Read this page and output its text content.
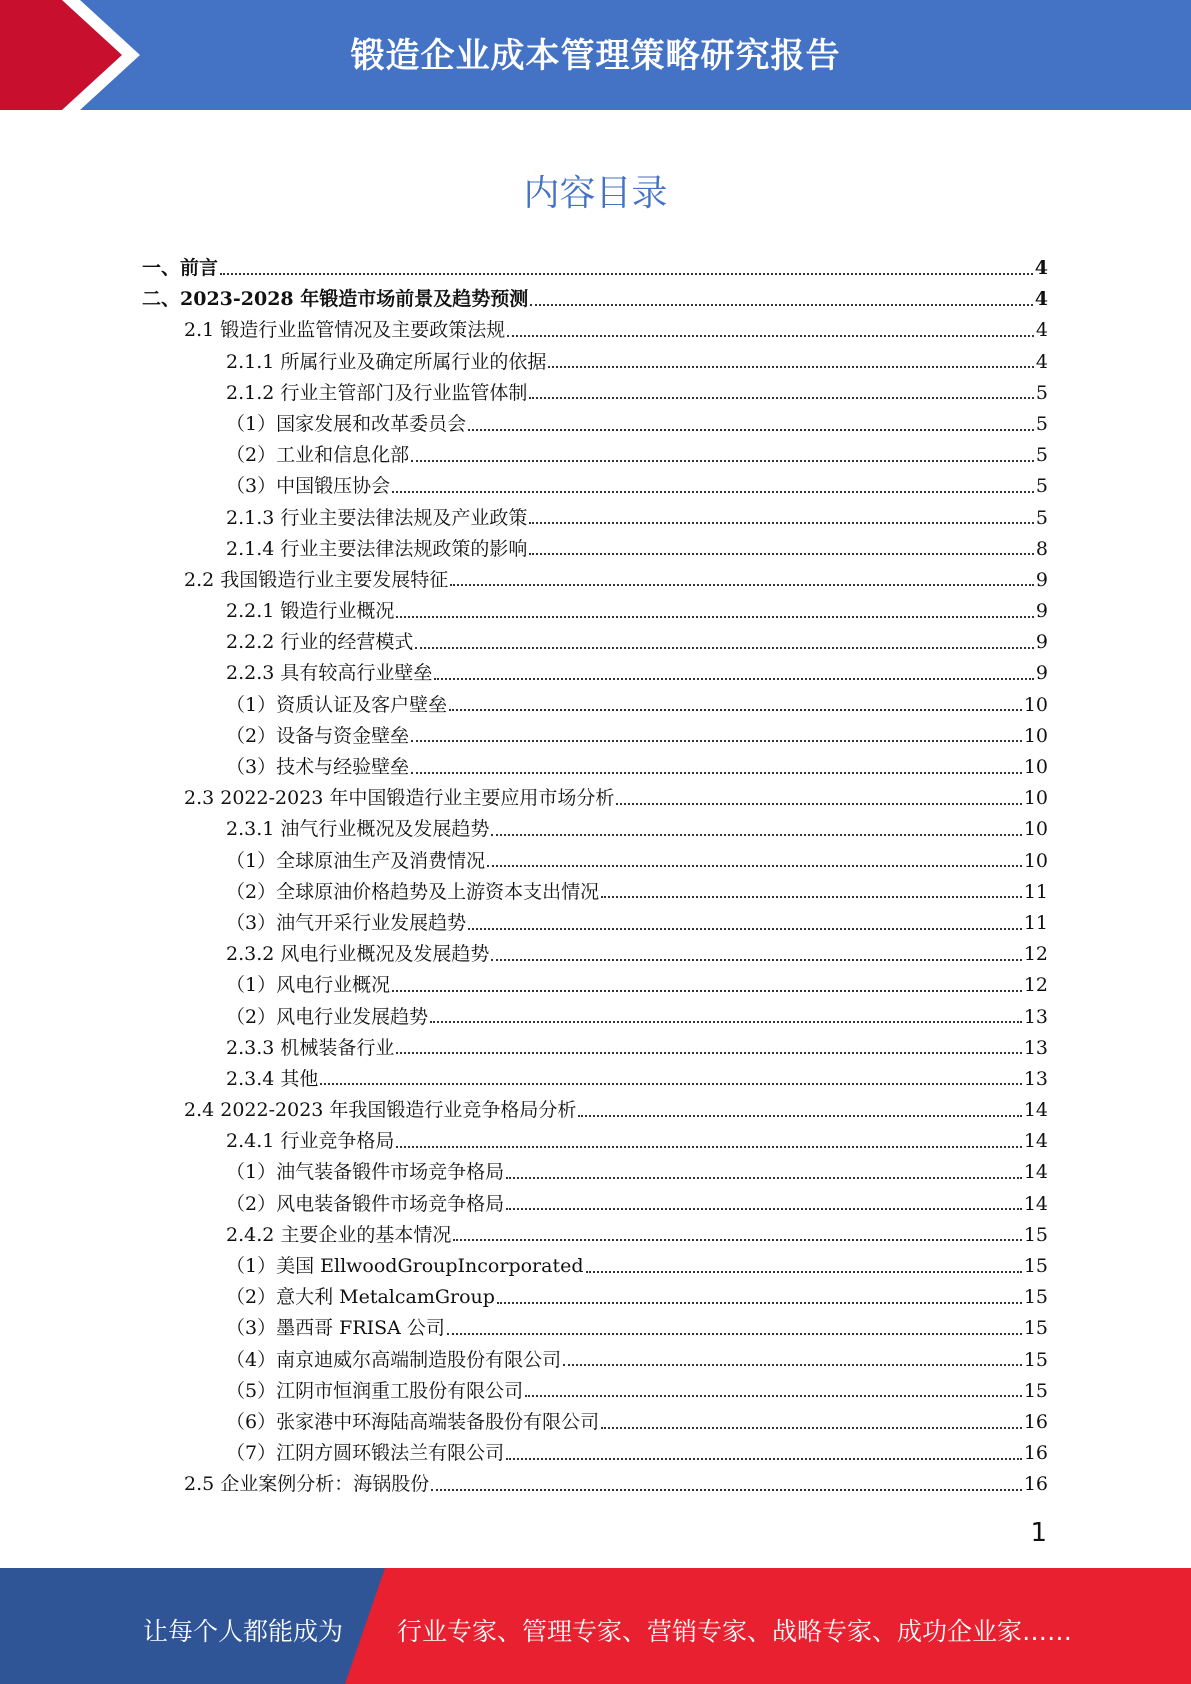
锻造企业成本管理策略研究报告
内容目录
一、前言	4
二、2023-2028 年锻造市场前景及趋势预测	4
2.1 锻造行业监管情况及主要政策法规	4
2.1.1 所属行业及确定所属行业的依据	4
2.1.2 行业主管部门及行业监管体制	5
（1）国家发展和改革委员会	5
（2）工业和信息化部	5
（3）中国锻压协会	5
2.1.3 行业主要法律法规及产业政策	5
2.1.4 行业主要法律法规政策的影响	8
2.2 我国锻造行业主要发展特征	9
2.2.1 锻造行业概况	9
2.2.2 行业的经营模式	9
2.2.3 具有较高行业壁垒	9
（1）资质认证及客户壁垒	10
（2）设备与资金壁垒	10
（3）技术与经验壁垒	10
2.3 2022-2023 年中国锻造行业主要应用市场分析	10
2.3.1 油气行业概况及发展趋势	10
（1）全球原油生产及消费情况	10
（2）全球原油价格趋势及上游资本支出情况	11
（3）油气开采行业发展趋势	11
2.3.2 风电行业概况及发展趋势	12
（1）风电行业概况	12
（2）风电行业发展趋势	13
2.3.3 机械装备行业	13
2.3.4 其他	13
2.4 2022-2023 年我国锻造行业竞争格局分析	14
2.4.1 行业竞争格局	14
（1）油气装备锻件市场竞争格局	14
（2）风电装备锻件市场竞争格局	14
2.4.2 主要企业的基本情况	15
（1）美国 EllwoodGroupIncorporated	15
（2）意大利 MetalcamGroup	15
（3）墨西哥 FRISA 公司	15
（4）南京迪威尔高端制造股份有限公司	15
（5）江阴市恒润重工股份有限公司	15
（6）张家港中环海陆高端装备股份有限公司	16
（7）江阴方圆环锻法兰有限公司	16
2.5 企业案例分析：海锅股份	16
1
让每个人都能成为 行业专家、管理专家、营销专家、战略专家、成功企业家……
